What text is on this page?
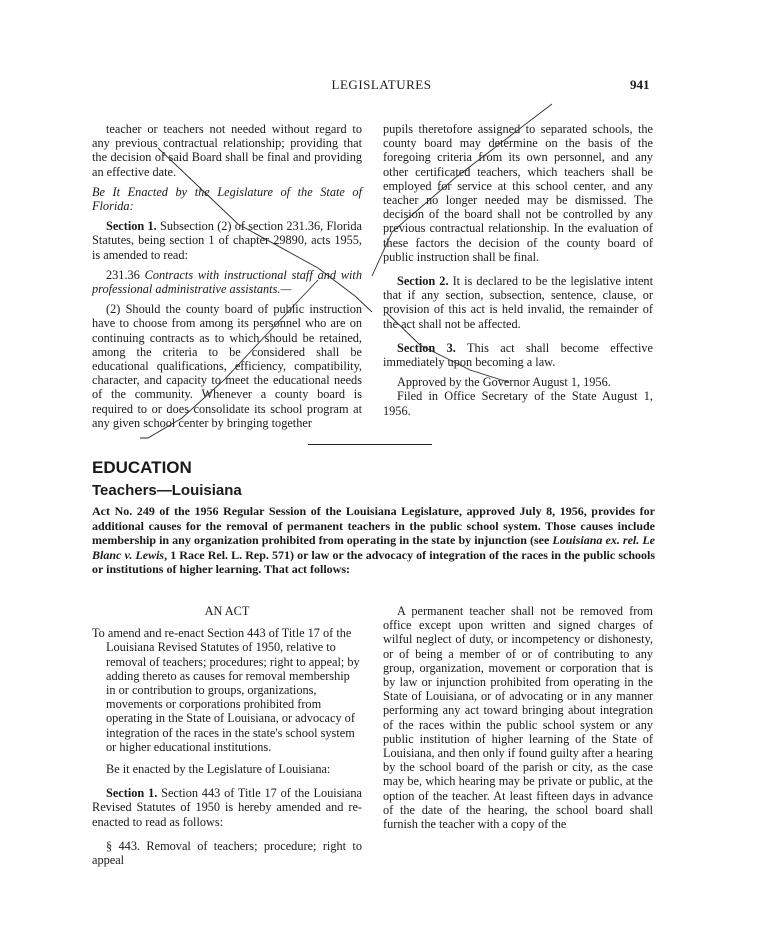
LEGISLATURES	941

teacher or teachers not needed without regard to any previous contractual relationship; providing that the decision of said Board shall be final and providing an effective date.

Be It Enacted by the Legislature of the State of Florida:

Section 1. Subsection (2) of section 231.36, Florida Statutes, being section 1 of chapter 29890, acts 1955, is amended to read:

231.36 Contracts with instructional staff and with professional administrative assistants.—

(2) Should the county board of public instruction have to choose from among its personnel who are on continuing contracts as to which should be retained, among the criteria to be considered shall be educational qualifications, efficiency, compatibility, character, and capacity to meet the educational needs of the community. Whenever a county board is required to or does consolidate its school program at any given school center by bringing together

pupils theretofore assigned to separated schools, the county board may determine on the basis of the foregoing criteria from its own personnel, and any other certificated teachers, which teachers shall be employed for service at this school center, and any teacher no longer needed may be dismissed. The decision of the board shall not be controlled by any previous contractual relationship. In the evaluation of these factors the decision of the county board of public instruction shall be final.

Section 2. It is declared to be the legislative intent that if any section, subsection, sentence, clause, or provision of this act is held invalid, the remainder of the act shall not be affected.

Section 3. This act shall become effective immediately upon becoming a law.

Approved by the Governor August 1, 1956.

Filed in Office Secretary of the State August 1, 1956.

EDUCATION
Teachers—Louisiana

Act No. 249 of the 1956 Regular Session of the Louisiana Legislature, approved July 8, 1956, provides for additional causes for the removal of permanent teachers in the public school system. Those causes include membership in any organization prohibited from operating in the state by injunction (see Louisiana ex. rel. Le Blanc v. Lewis, 1 Race Rel. L. Rep. 571) or law or the advocacy of integration of the races in the public schools or institutions of higher learning. That act follows:

AN ACT

To amend and re-enact Section 443 of Title 17 of the Louisiana Revised Statutes of 1950, relative to removal of teachers; procedures; right to appeal; by adding thereto as causes for removal membership in or contribution to groups, organizations, movements or corporations prohibited from operating in the State of Louisiana, or advocacy of integration of the races in the state's school system or higher educational institutions.

Be it enacted by the Legislature of Louisiana:

Section 1. Section 443 of Title 17 of the Louisiana Revised Statutes of 1950 is hereby amended and re-enacted to read as follows:

§ 443. Removal of teachers; procedure; right to appeal

A permanent teacher shall not be removed from office except upon written and signed charges of wilful neglect of duty, or incompetency or dishonesty, or of being a member of or of contributing to any group, organization, movement or corporation that is by law or injunction prohibited from operating in the State of Louisiana, or of advocating or in any manner performing any act toward bringing about integration of the races within the public school system or any public institution of higher learning of the State of Louisiana, and then only if found guilty after a hearing by the school board of the parish or city, as the case may be, which hearing may be private or public, at the option of the teacher. At least fifteen days in advance of the date of the hearing, the school board shall furnish the teacher with a copy of the
